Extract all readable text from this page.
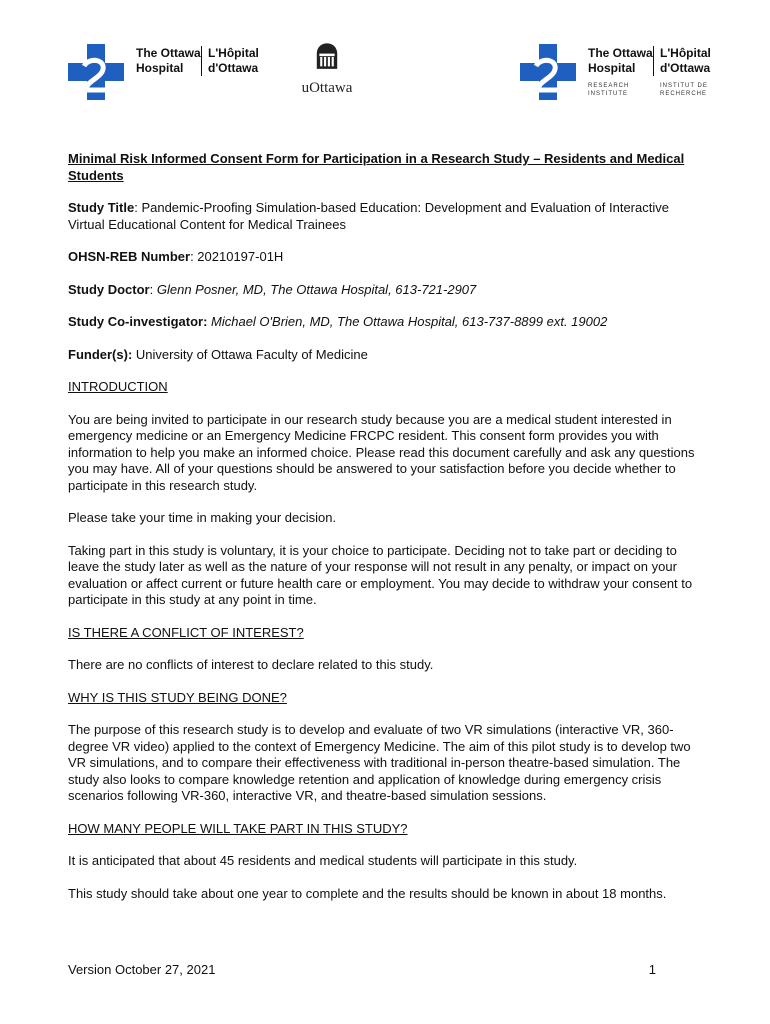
The Ottawa
Hospital
L'Hôpital
d'Ottawa
uOttawa
The Ottawa
Hospital
L'Hôpital
d'Ottawa
RESEARCH
INSTITUTE
INSTITUT DE
RECHERCHE

Minimal Risk Informed Consent Form for Participation in a Research Study – Residents and Medical Students

Study Title: Pandemic-Proofing Simulation-based Education: Development and Evaluation of Interactive Virtual Educational Content for Medical Trainees

OHSN-REB Number: 20210197-01H

Study Doctor: Glenn Posner, MD, The Ottawa Hospital, 613-721-2907

Study Co-investigator: Michael O'Brien, MD, The Ottawa Hospital, 613-737-8899 ext. 19002

Funder(s): University of Ottawa Faculty of Medicine

INTRODUCTION

You are being invited to participate in our research study because you are a medical student interested in emergency medicine or an Emergency Medicine FRCPC resident. This consent form provides you with information to help you make an informed choice. Please read this document carefully and ask any questions you may have. All of your questions should be answered to your satisfaction before you decide whether to participate in this research study.

Please take your time in making your decision.

Taking part in this study is voluntary, it is your choice to participate. Deciding not to take part or deciding to leave the study later as well as the nature of your response will not result in any penalty, or impact on your evaluation or affect current or future health care or employment. You may decide to withdraw your consent to participate in this study at any point in time.

IS THERE A CONFLICT OF INTEREST?

There are no conflicts of interest to declare related to this study.

WHY IS THIS STUDY BEING DONE?

The purpose of this research study is to develop and evaluate of two VR simulations (interactive VR, 360-degree VR video) applied to the context of Emergency Medicine. The aim of this pilot study is to develop two VR simulations, and to compare their effectiveness with traditional in-person theatre-based simulation. The study also looks to compare knowledge retention and application of knowledge during emergency crisis scenarios following VR-360, interactive VR, and theatre-based simulation sessions.

HOW MANY PEOPLE WILL TAKE PART IN THIS STUDY?

It is anticipated that about 45 residents and medical students will participate in this study.

This study should take about one year to complete and the results should be known in about 18 months.

Version October 27, 2021	1
